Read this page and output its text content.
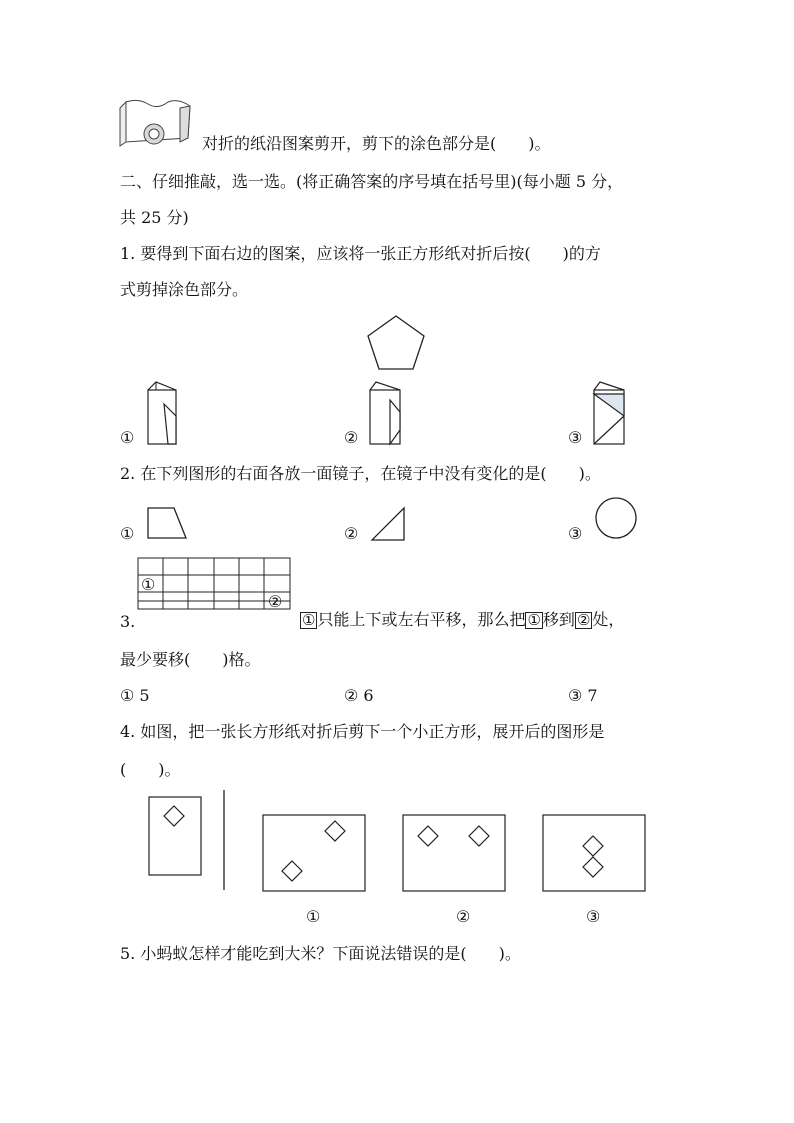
对折的纸沿图案剪开，剪下的涂色部分是(　　)。
二、仔细推敲，选一选。(将正确答案的序号填在括号里)(每小题 5 分，
共 25 分)
1. 要得到下面右边的图案，应该将一张正方形纸对折后按(　　)的方
式剪掉涂色部分。
①	②	③
2. 在下列图形的右面各放一面镜子，在镜子中没有变化的是(　　)。
①	②	③
①
②
3.	① 只能上下或左右平移，那么把 ① 移到 ② 处，
最少要移(　　)格。
① 5	② 6	③ 7
4. 如图，把一张长方形纸对折后剪下一个小正方形，展开后的图形是
(　　)。
①	②	③
5. 小蚂蚁怎样才能吃到大米？下面说法错误的是(　　)。
